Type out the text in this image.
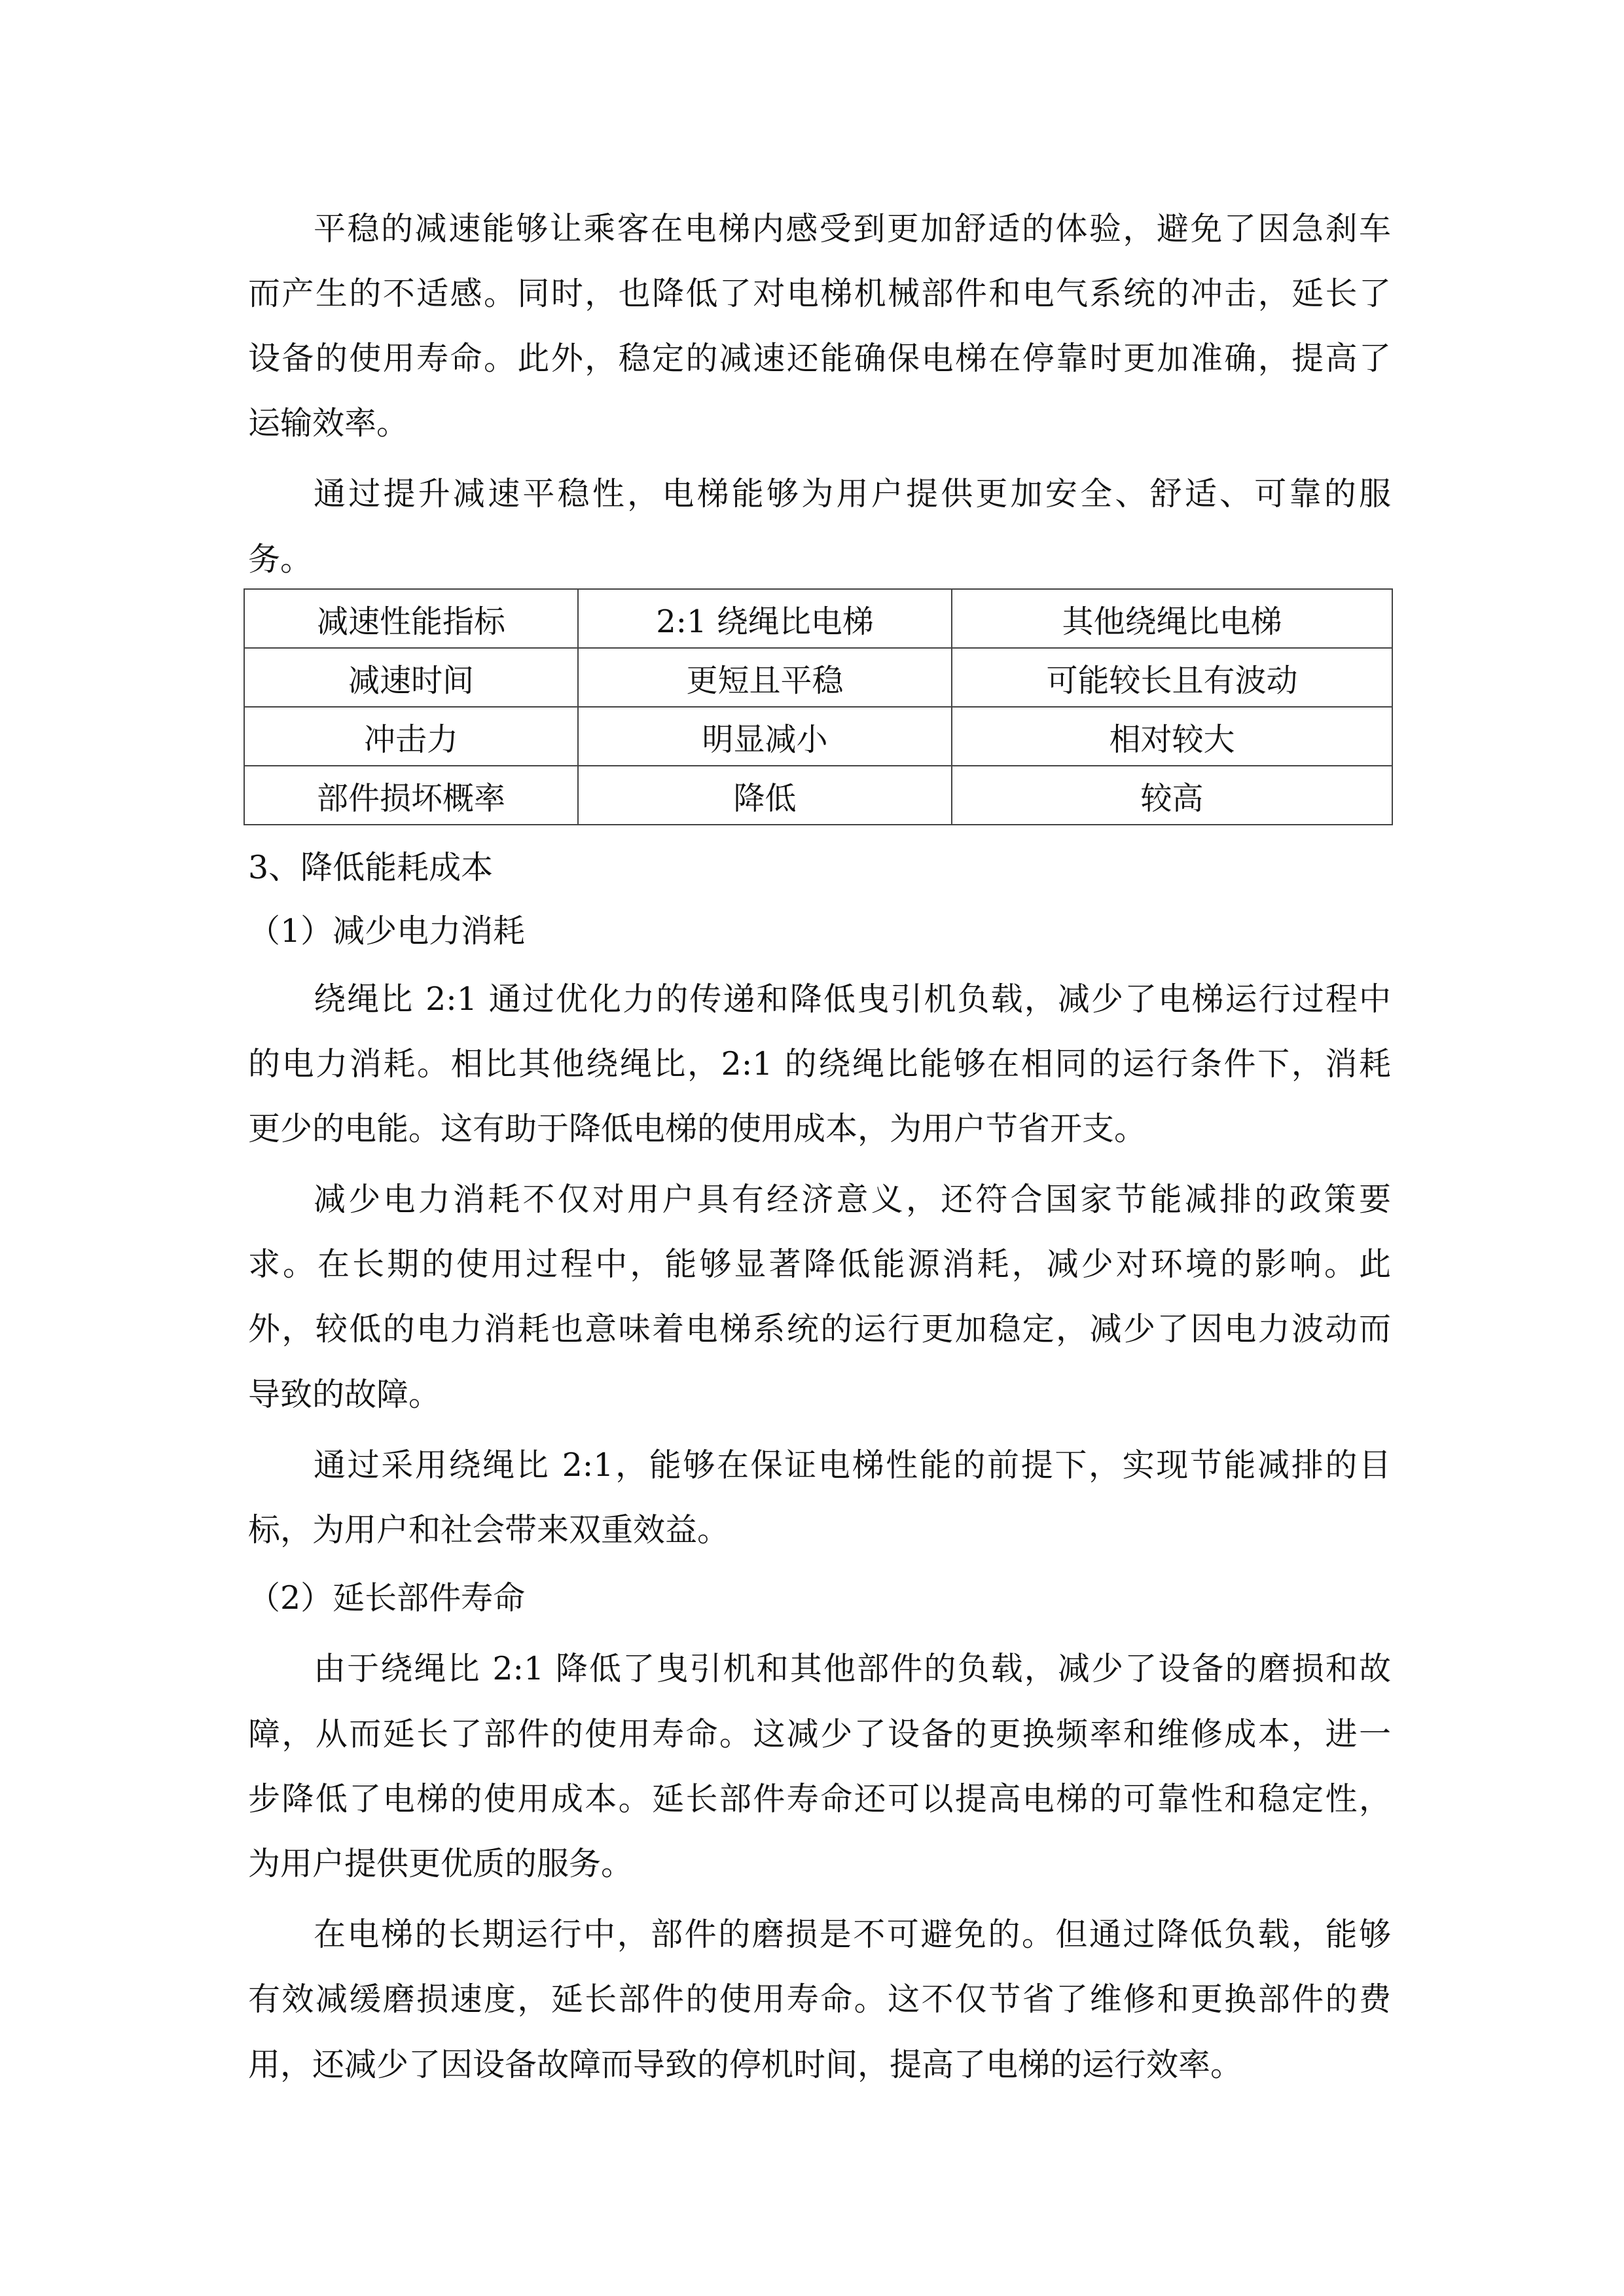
减速性能指标	2:1 绕绳比电梯	其他绕绳比电梯
减速时间	更短且平稳	可能较长且有波动
冲击力	明显减小	相对较大
部件损坏概率	降低	较高
3、降低能耗成本
（1）减少电力消耗
（2）延长部件寿命
平稳的减速能够让乘客在电梯内感受到更加舒适的体验，避免了因急刹车
而产生的不适感。同时，也降低了对电梯机械部件和电气系统的冲击，延长了
设备的使用寿命。此外，稳定的减速还能确保电梯在停靠时更加准确，提高了
运输效率。
通过提升减速平稳性，电梯能够为用户提供更加安全、舒适、可靠的服
务。
绕绳比 2:1 通过优化力的传递和降低曳引机负载，减少了电梯运行过程中
的电力消耗。相比其他绕绳比，2:1 的绕绳比能够在相同的运行条件下，消耗
更少的电能。这有助于降低电梯的使用成本，为用户节省开支。
减少电力消耗不仅对用户具有经济意义，还符合国家节能减排的政策要
求。在长期的使用过程中，能够显著降低能源消耗，减少对环境的影响。此
外，较低的电力消耗也意味着电梯系统的运行更加稳定，减少了因电力波动而
导致的故障。
通过采用绕绳比 2:1，能够在保证电梯性能的前提下，实现节能减排的目
标，为用户和社会带来双重效益。
由于绕绳比 2:1 降低了曳引机和其他部件的负载，减少了设备的磨损和故
障，从而延长了部件的使用寿命。这减少了设备的更换频率和维修成本，进一
步降低了电梯的使用成本。延长部件寿命还可以提高电梯的可靠性和稳定性，
为用户提供更优质的服务。
在电梯的长期运行中，部件的磨损是不可避免的。但通过降低负载，能够
有效减缓磨损速度，延长部件的使用寿命。这不仅节省了维修和更换部件的费
用，还减少了因设备故障而导致的停机时间，提高了电梯的运行效率。
